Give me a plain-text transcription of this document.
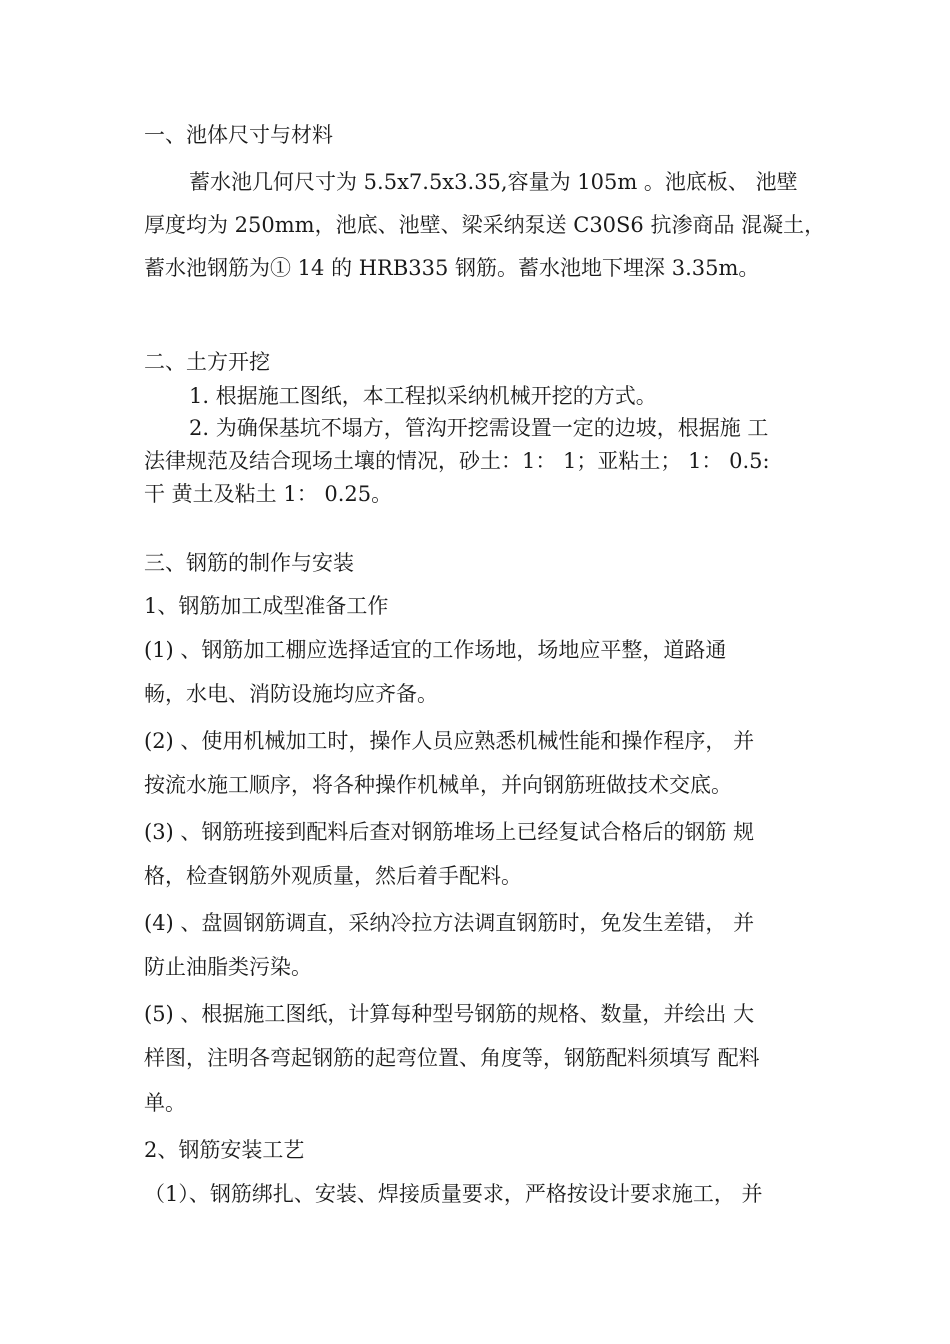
一、池体尺寸与材料
蓄水池几何尺寸为 5.5x7.5x3.35,容量为 105m 。池底板、 池壁
厚度均为 250mm，池底、池壁、梁采纳泵送 C30S6 抗渗商品 混凝土，
蓄水池钢筋为① 14 的 HRB335 钢筋。蓄水池地下埋深 3.35m。
二、土方开挖
1. 根据施工图纸，本工程拟采纳机械开挖的方式。
2. 为确保基坑不塌方，管沟开挖需设置一定的边坡，根据施 工
法律规范及结合现场土壤的情况，砂土：1： 1；亚粘土； 1： 0.5:
干 黄土及粘土 1： 0.25。
三、钢筋的制作与安装
1、钢筋加工成型准备工作
(1) 、钢筋加工棚应选择适宜的工作场地，场地应平整，道路通
畅，水电、消防设施均应齐备。
(2) 、使用机械加工时，操作人员应熟悉机械性能和操作程序， 并
按流水施工顺序，将各种操作机械单，并向钢筋班做技术交底。
(3) 、钢筋班接到配料后查对钢筋堆场上已经复试合格后的钢筋 规
格，检查钢筋外观质量，然后着手配料。
(4) 、盘圆钢筋调直，采纳冷拉方法调直钢筋时，免发生差错， 并
防止油脂类污染。
(5) 、根据施工图纸，计算每种型号钢筋的规格、数量，并绘出 大
样图，注明各弯起钢筋的起弯位置、角度等，钢筋配料须填写 配料
单。
2、钢筋安装工艺
（1）、钢筋绑扎、安装、焊接质量要求，严格按设计要求施工， 并
